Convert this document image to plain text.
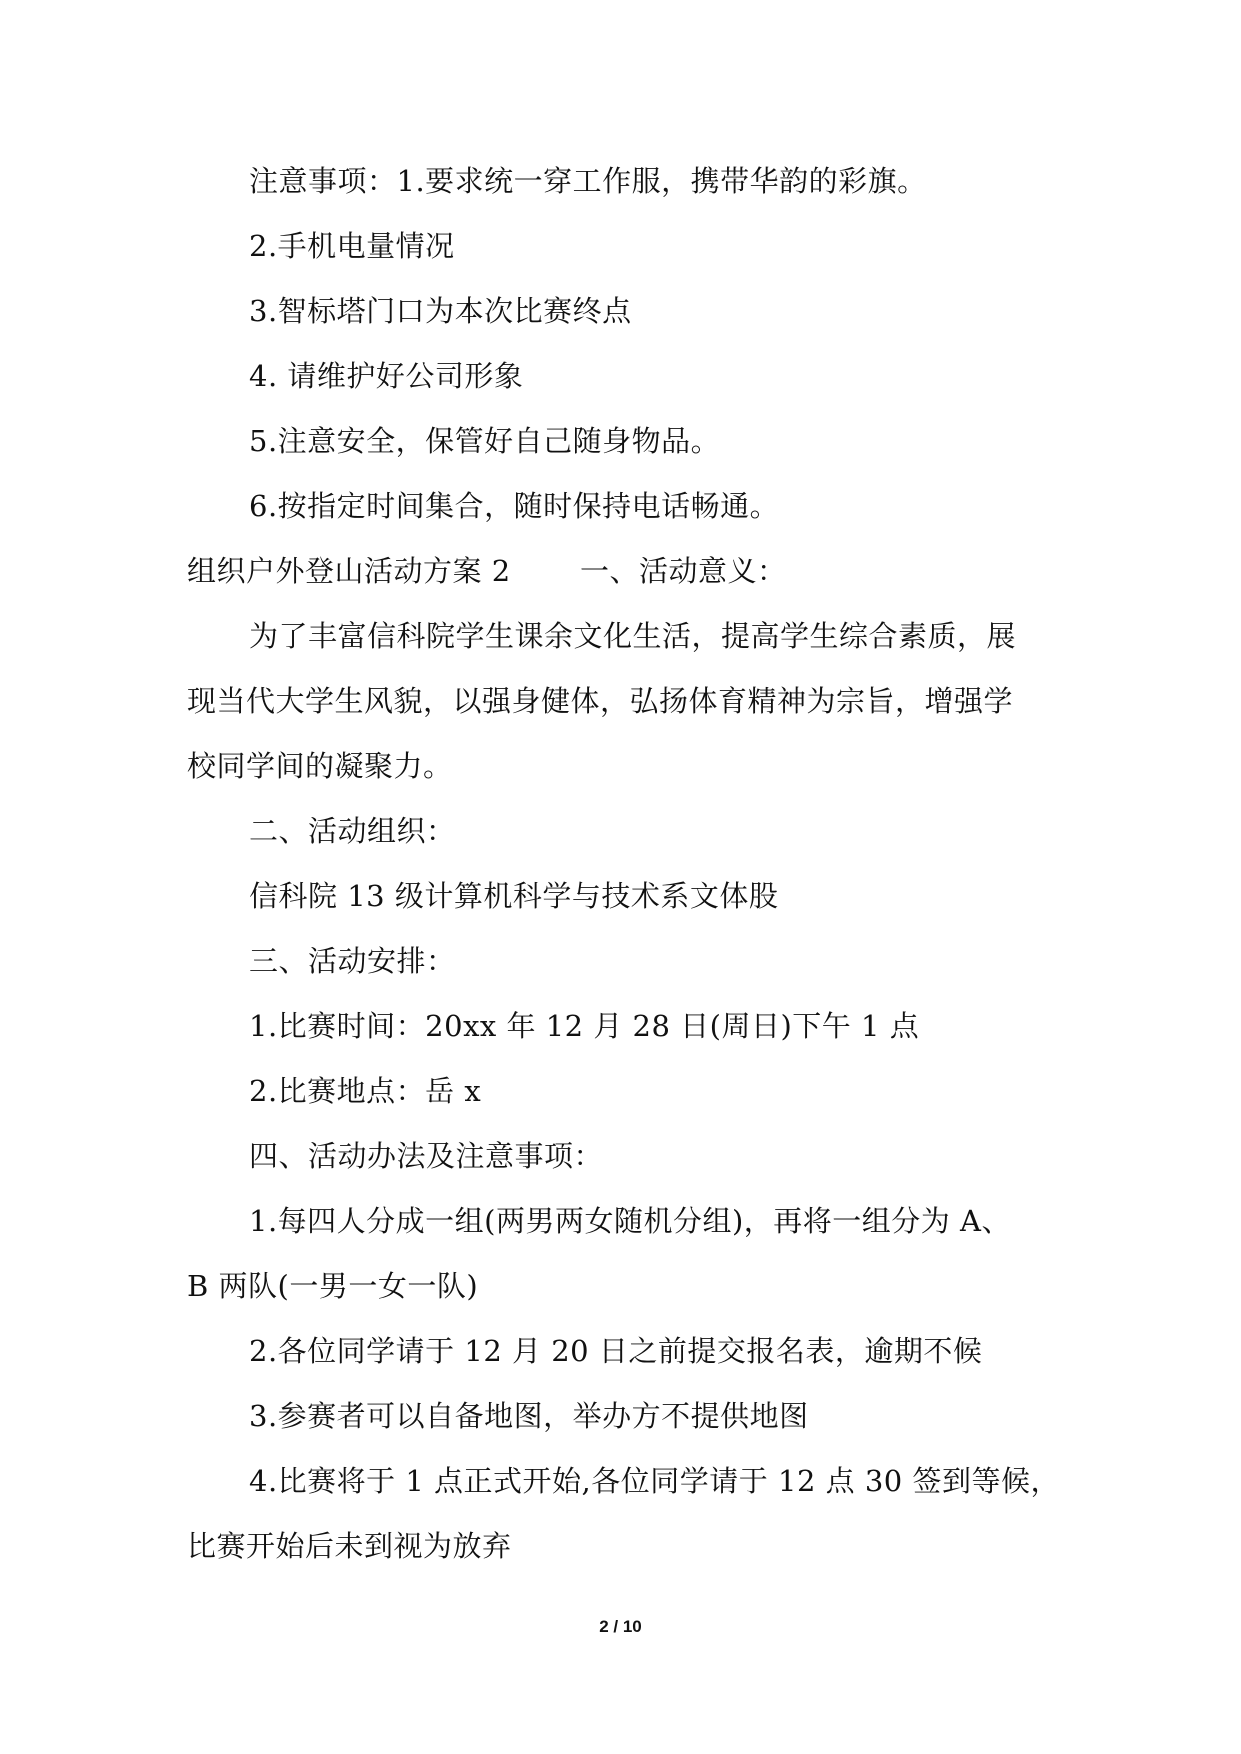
注意事项：1.要求统一穿工作服，携带华韵的彩旗。
2.手机电量情况
3.智标塔门口为本次比赛终点
4. 请维护好公司形象
5.注意安全，保管好自己随身物品。
6.按指定时间集合，随时保持电话畅通。
组织户外登山活动方案 2 一、活动意义：
为了丰富信科院学生课余文化生活，提高学生综合素质，展
现当代大学生风貌，以强身健体，弘扬体育精神为宗旨，增强学
校同学间的凝聚力。
二、活动组织：
信科院 13 级计算机科学与技术系文体股
三、活动安排：
1.比赛时间：20xx 年 12 月 28 日(周日)下午 1 点
2.比赛地点：岳 x
四、活动办法及注意事项：
1.每四人分成一组(两男两女随机分组)，再将一组分为 A、
B 两队(一男一女一队)
2.各位同学请于 12 月 20 日之前提交报名表，逾期不候
3.参赛者可以自备地图，举办方不提供地图
4.比赛将于 1 点正式开始,各位同学请于 12 点 30 签到等候，
比赛开始后未到视为放弃
2 / 10
